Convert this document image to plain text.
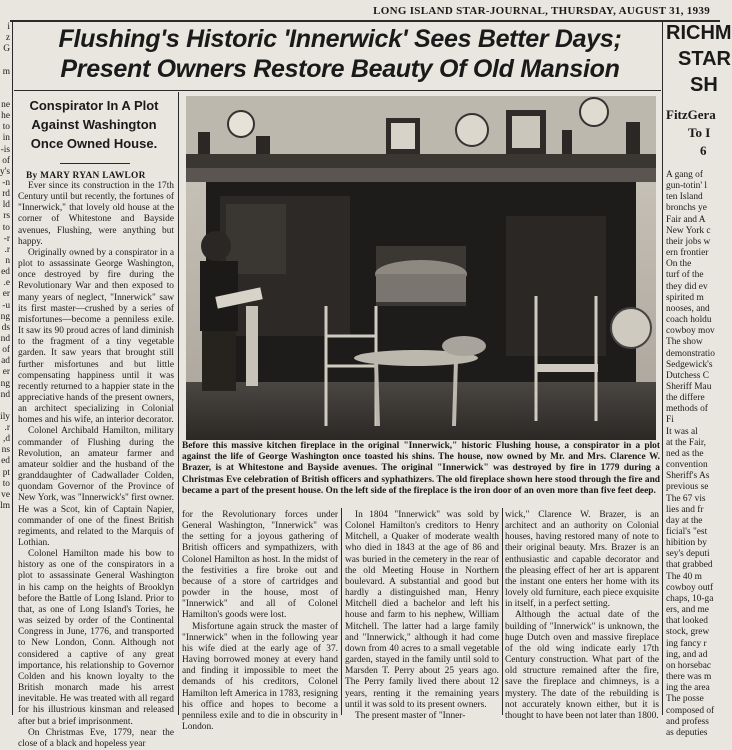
LONG ISLAND STAR-JOURNAL, THURSDAY, AUGUST 31, 1939
i
z
G
m
ne
he
to
in
is-
of
y's
n-
rd
ld
rs
to
r-
r.
n
ed
e.
er
u-
ng
ds
nd
of
ad
er
ng
nd
ily
r.
d,
ns
ed
pt
to
ve
lm
Flushing's Historic 'Innerwick' Sees Better Days;
Present Owners Restore Beauty Of Old Mansion
Conspirator In A Plot
Against Washington
Once Owned House.
By MARY RYAN LAWLOR

Ever since its construction in the 17th Century until but recently, the fortunes of "Innerwick," that lovely old house at the corner of Whitestone and Bayside avenues, Flushing, were anything but happy.

Originally owned by a conspirator in a plot to assassinate George Washington, once destroyed by fire during the Revolutionary War and then exposed to many years of neglect, "Innerwick" saw its first master—crushed by a series of misfortunes—become a penniless exile. It saw its 90 proud acres of land diminish to the fragment of a tiny vegetable garden. It saw years that brought still further misfortunes and but little compensating happiness until it was recently returned to a happier state in the appreciative hands of the present owners, an architect specializing in Colonial homes and his wife, an interior decorator.

Colonel Archibald Hamilton, military commander of Flushing during the Revolution, an amateur farmer and amateur soldier and the husband of the granddaughter of Cadwallader Colden, quondam Governor of the Province of New York, was "Innerwick's" first owner. He was a Scot, kin of Captain Napier, commander of one of the finest British regiments, and related to the Marquis of Lothian.

Colonel Hamilton made his bow to history as one of the conspirators in a plot to assassinate General Washington in his camp on the heights of Brooklyn before the Battle of Long Island. Prior to that, as one of Long Island's Tories, he was seized by order of the Continental Congress in June, 1776, and transported to New London, Conn. Although not considered a captive of any great importance, his relationship to Governor Colden and his known loyalty to the British monarch made his arrest inevitable. He was treated with all regard for his illustrious kinsman and released after but a brief imprisonment.

On Christmas Eve, 1779, near the close of a black and hopeless year

Before this massive kitchen fireplace in the original "Innerwick," historic Flushing house, a conspirator in a plot against the life of George Washington once toasted his shins. The house, now owned by Mr. and Mrs. Clarence W. Brazer, is at Whitestone and Bayside avenues. The original "Innerwick" was destroyed by fire in 1779 during a Christmas Eve celebration of British officers and syphathizers. The old fireplace shown here stood through the fire and became a part of the present house. On the left side of the fireplace is the iron door of an oven more than five feet deep.

for the Revolutionary forces under General Washington, "Innerwick" was the setting for a joyous gathering of British officers and sympathizers, with Colonel Hamilton as host. In the midst of the festivities a fire broke out and because of a store of cartridges and powder in the house, most of "Innerwick" and all of Colonel Hamilton's goods were lost.

Misfortune again struck the master of "Innerwick" when in the following year his wife died at the early age of 37. Having borrowed money at every hand and finding it impossible to meet the demands of his creditors, Colonel Hamilton left America in 1783, resigning his office and hopes to become a penniless exile and to die in obscurity in London.

In 1804 "Innerwick" was sold by Colonel Hamilton's creditors to Henry Mitchell, a Quaker of moderate wealth who died in 1843 at the age of 86 and was buried in the cemetery in the rear of the old Meeting House in Northern boulevard. A substantial and good but hardly a distinguished man, Henry Mitchell died a bachelor and left his house and farm to his nephew, William Mitchell. The latter had a large family and "Innerwick," although it had come down from 40 acres to a small vegetable garden, stayed in the family until sold to Marsden T. Perry about 25 years ago. The Perry family lived there about 12 years, renting it the remaining years until it was sold to its present owners.

The present master of "Inner-

wick," Clarence W. Brazer, is an architect and an authority on Colonial houses, having restored many of note to their original beauty. Mrs. Brazer is an enthusiastic and capable decorator and the pleasing effect of her art is apparent the instant one enters her home with its lovely old furniture, each piece exquisite in itself, in a perfect setting.

Although the actual date of the building of "Innerwick" is unknown, the huge Dutch oven and massive fireplace of the old wing indicate early 17th Century construction. What part of the old structure remained after the fire, save the fireplace and chimneys, is a mystery. The date of the rebuilding is not accurately known either, but it is thought to have been not later than 1800.

RICHM
STAR
SH
FitzGera
To I
6
A gang of
gun-totin' l
ten Island
bronchs ye
Fair and A
New York c
their jobs w
ern frontier
On the
turf of the
they did ev
spirited m
nooses, and
coach holdu
cowboy mov
The show
demonstratio
Sedgewick's
Dutchess C
Sheriff Mau
the differe
methods of
Fi
It was al
at the Fair,
ned as the
convention
Sheriff's As
previous se
The 67 vis
lies and fr
day at the
ficial's "est
hibition by
sey's deputi
that grabbed
The 40 m
cowboy outf
chaps, 10-ga
ers, and me
that looked
stock, grew
ing fancy r
ing, and ad
on horsebac
there was m
ing the area
The posse
composed of
and profess
as deputies
